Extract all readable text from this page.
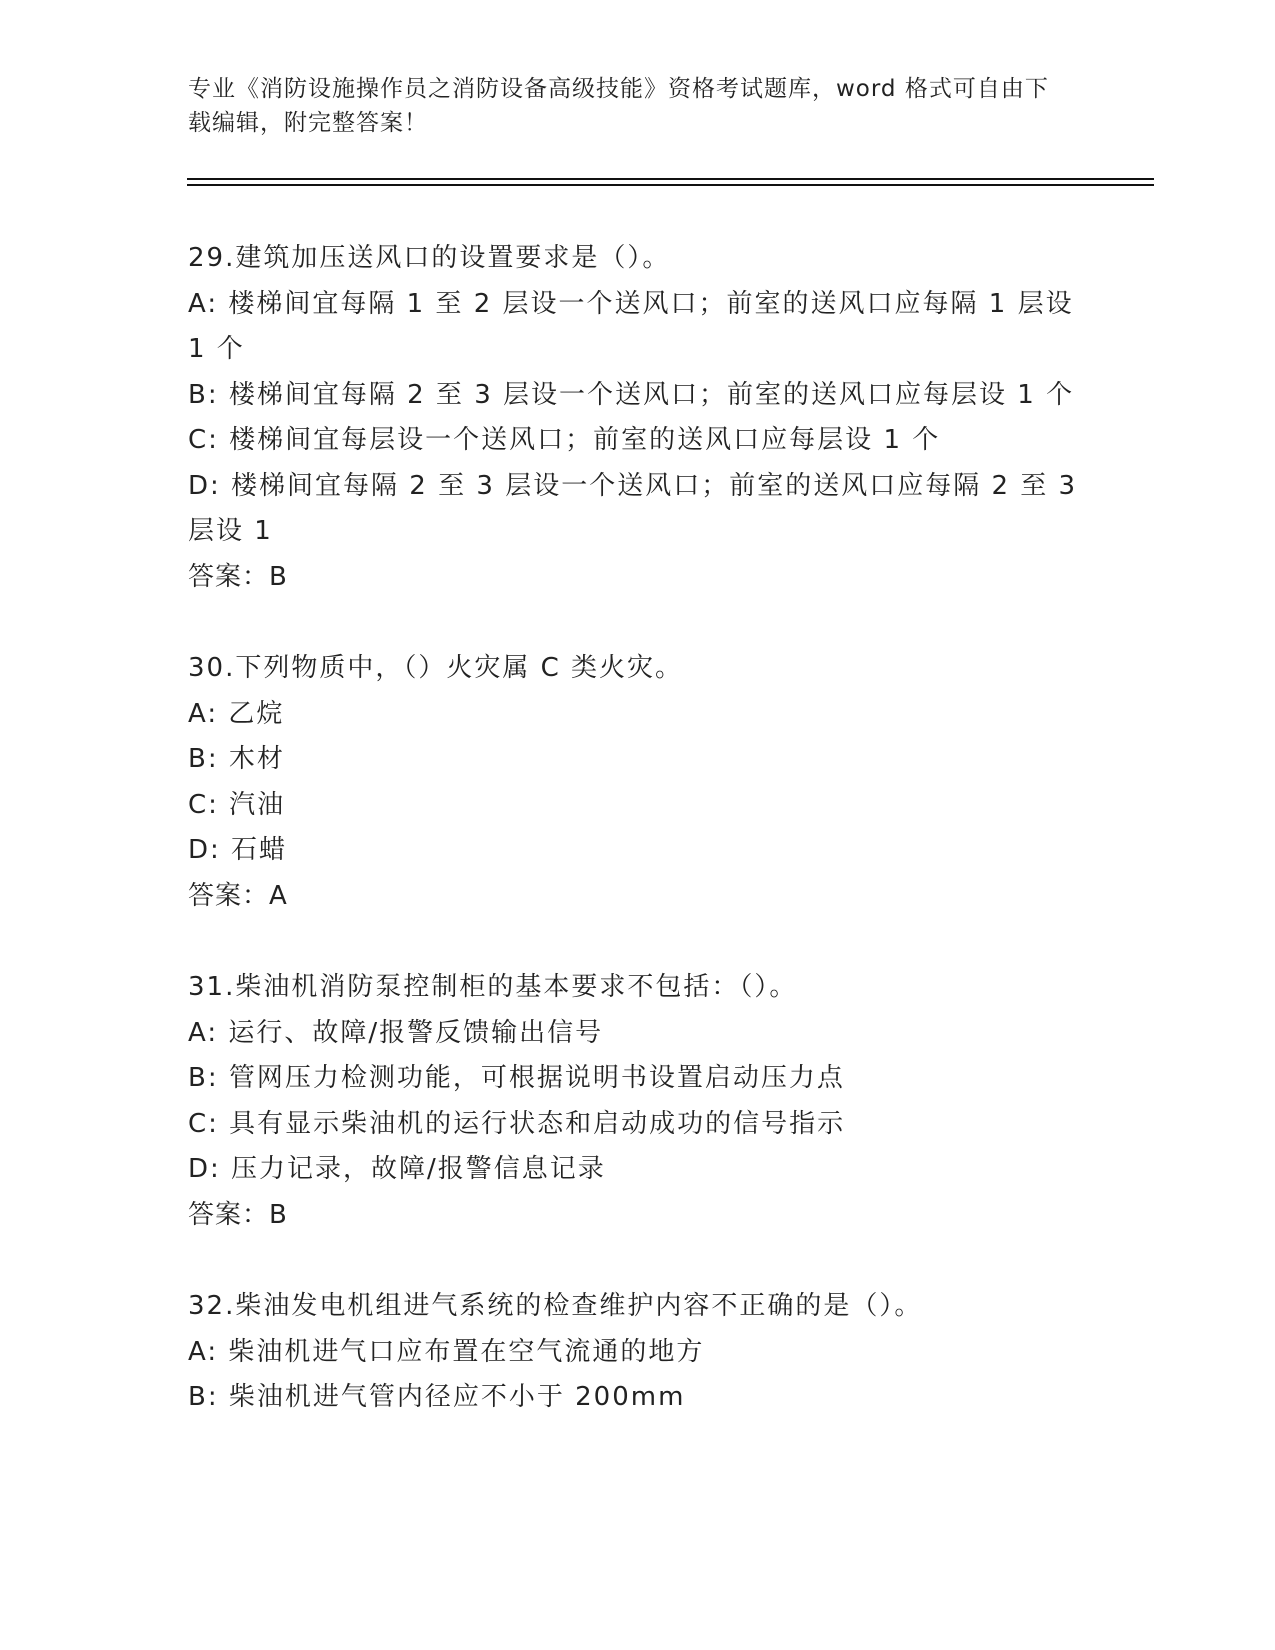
专业《消防设施操作员之消防设备高级技能》资格考试题库，word 格式可自由下
载编辑，附完整答案！
29.建筑加压送风口的设置要求是（）。
A: 楼梯间宜每隔 1 至 2 层设一个送风口；前室的送风口应每隔 1 层设 1 个
B: 楼梯间宜每隔 2 至 3 层设一个送风口；前室的送风口应每层设 1 个
C: 楼梯间宜每层设一个送风口；前室的送风口应每层设 1 个
D: 楼梯间宜每隔 2 至 3 层设一个送风口；前室的送风口应每隔 2 至 3 层设 1
答案：B
30.下列物质中，（）火灾属 C 类火灾。
A: 乙烷
B: 木材
C: 汽油
D: 石蜡
答案：A
31.柴油机消防泵控制柜的基本要求不包括：（）。
A: 运行、故障/报警反馈输出信号
B: 管网压力检测功能，可根据说明书设置启动压力点
C: 具有显示柴油机的运行状态和启动成功的信号指示
D: 压力记录，故障/报警信息记录
答案：B
32.柴油发电机组进气系统的检查维护内容不正确的是（）。
A: 柴油机进气口应布置在空气流通的地方
B: 柴油机进气管内径应不小于 200mm
